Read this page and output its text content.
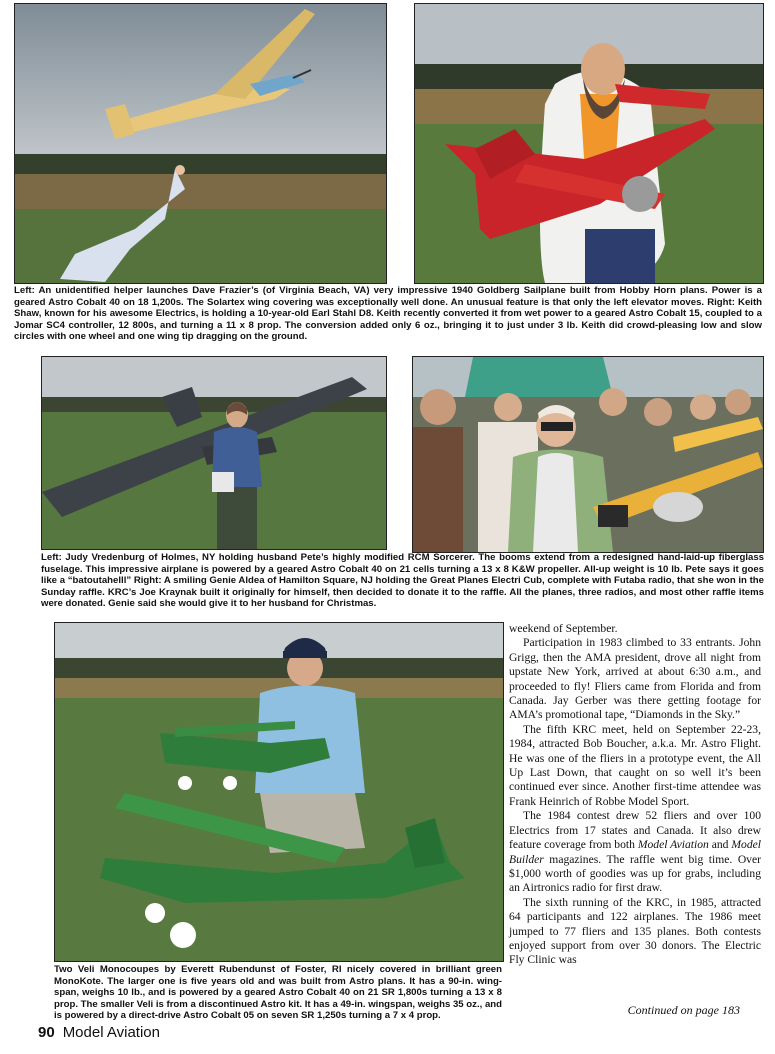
Left: An unidentified helper launches Dave Frazier’s (of Virginia Beach, VA) very impressive 1940 Goldberg Sailplane built from Hobby Horn plans. Power is a geared Astro Cobalt 40 on 18 1,200s. The Solartex wing covering was exceptionally well done. An unusual feature is that only the left elevator moves. Right: Keith Shaw, known for his awesome Electrics, is holding a 10-year-old Earl Stahl D8. Keith recently converted it from wet power to a geared Astro Cobalt 15, coupled to a Jomar SC4 controller, 12 800s, and turning a 11 x 8 prop. The conversion added only 6 oz., bringing it to just under 3 lb. Keith did crowd-pleasing low and slow circles with one wheel and one wing tip dragging on the ground.

Left: Judy Vredenburg of Holmes, NY holding husband Pete’s highly modified RCM Sorcerer. The booms extend from a redesigned hand-laid-up fiberglass fuselage. This impressive airplane is powered by a geared Astro Cobalt 40 on 21 cells turning a 13 x 8 K&W propeller. All-up weight is 10 lb. Pete says it goes like a “batoutahelll” Right: A smiling Genie Aldea of Hamilton Square, NJ holding the Great Planes Electri Cub, complete with Futaba radio, that she won in the Sunday raffle. KRC’s Joe Kraynak built it originally for himself, then decided to donate it to the raffle. All the planes, three radios, and most other raffle items were donated. Genie said she would give it to her husband for Christmas.

Two Veli Monocoupes by Everett Rubendunst of Foster, RI nicely covered in brilliant green MonoKote. The larger one is five years old and was built from Astro plans. It has a 90-in. wing-span, weighs 10 lb., and is powered by a geared Astro Cobalt 40 on 21 SR 1,800s turning a 13 x 8 prop. The smaller Veli is from a discontinued Astro kit. It has a 49-in. wingspan, weighs 35 oz., and is powered by a direct-drive Astro Cobalt 05 on seven SR 1,250s turning a 7 x 4 prop.

weekend of September.

Participation in 1983 climbed to 33 entrants. John Grigg, then the AMA president, drove all night from upstate New York, arrived at about 6:30 a.m., and proceeded to fly! Fliers came from Florida and from Canada. Jay Gerber was there getting footage for AMA’s promotional tape, “Diamonds in the Sky.”

The fifth KRC meet, held on September 22-23, 1984, attracted Bob Boucher, a.k.a. Mr. Astro Flight. He was one of the fliers in a prototype event, the All Up Last Down, that caught on so well it’s been continued ever since. Another first-time attendee was Frank Heinrich of Robbe Model Sport.

The 1984 contest drew 52 fliers and over 100 Electrics from 17 states and Canada. It also drew feature coverage from both Model Aviation and Model Builder magazines. The raffle went big time. Over $1,000 worth of goodies was up for grabs, including an Airtronics radio for first draw.

The sixth running of the KRC, in 1985, attracted 64 participants and 122 airplanes. The 1986 meet jumped to 77 fliers and 135 planes. Both contests enjoyed support from over 30 donors. The Electric Fly Clinic was

Continued on page 183
90 Model Aviation
